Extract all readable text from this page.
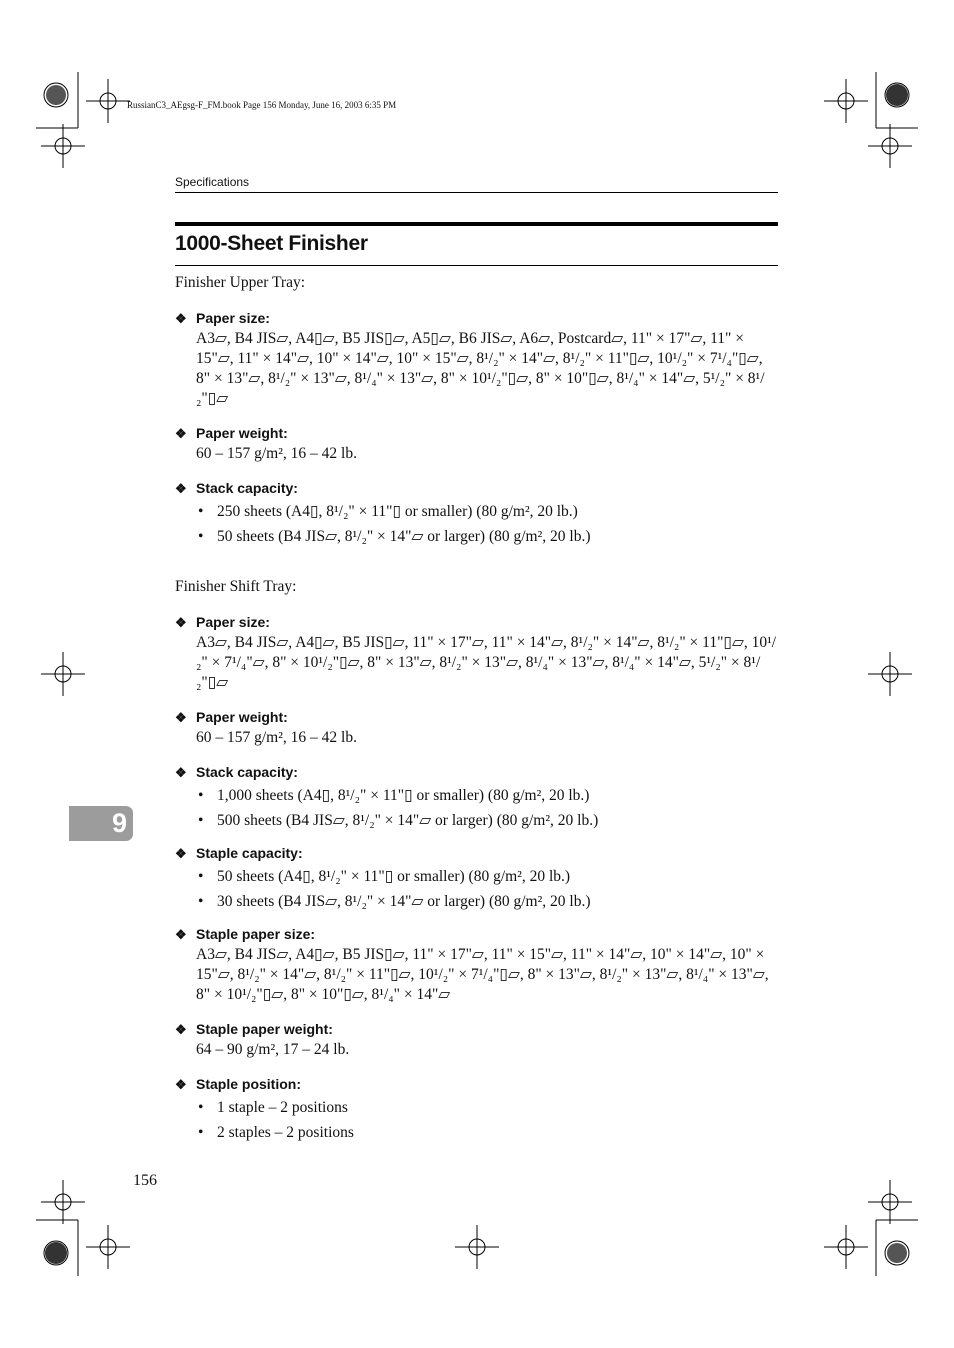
RussianC3_AEgsg-F_FM.book Page 156 Monday, June 16, 2003 6:35 PM
Specifications
1000-Sheet Finisher

Finisher Upper Tray:

❖ Paper size:

A3▱, B4 JIS▱, A4▯▱, B5 JIS▯▱, A5▯▱, B6 JIS▱, A6▱, Postcard▱, 11" × 17"▱, 11" × 15"▱, 11" × 14"▱, 10" × 14"▱, 10" × 15"▱, 8¹/₂" × 14"▱, 8¹/₂" × 11"▯▱, 10¹/₂" × 7¹/₄"▯▱, 8" × 13"▱, 8¹/₂" × 13"▱, 8¹/₄" × 13"▱, 8" × 10¹/₂"▯▱, 8" × 10"▯▱, 8¹/₄" × 14"▱, 5¹/₂" × 8¹/₂"▯▱

❖ Paper weight:

60 – 157 g/m², 16 – 42 lb.

❖ Stack capacity:

• 250 sheets (A4▯, 8¹/₂" × 11"▯ or smaller) (80 g/m², 20 lb.)
• 50 sheets (B4 JIS▱, 8¹/₂" × 14"▱ or larger) (80 g/m², 20 lb.)

Finisher Shift Tray:

❖ Paper size:

A3▱, B4 JIS▱, A4▯▱, B5 JIS▯▱, 11" × 17"▱, 11" × 14"▱, 8¹/₂" × 14"▱, 8¹/₂" × 11"▯▱, 10¹/₂" × 7¹/₄"▱, 8" × 10¹/₂"▯▱, 8" × 13"▱, 8¹/₂" × 13"▱, 8¹/₄" × 13"▱, 8¹/₄" × 14"▱, 5¹/₂" × 8¹/₂"▯▱

❖ Paper weight:

60 – 157 g/m², 16 – 42 lb.

❖ Stack capacity:

• 1,000 sheets (A4▯, 8¹/₂" × 11"▯ or smaller) (80 g/m², 20 lb.)
• 500 sheets (B4 JIS▱, 8¹/₂" × 14"▱ or larger) (80 g/m², 20 lb.)

❖ Staple capacity:

• 50 sheets (A4▯, 8¹/₂" × 11"▯ or smaller) (80 g/m², 20 lb.)
• 30 sheets (B4 JIS▱, 8¹/₂" × 14"▱ or larger) (80 g/m², 20 lb.)

❖ Staple paper size:

A3▱, B4 JIS▱, A4▯▱, B5 JIS▯▱, 11" × 17"▱, 11" × 15"▱, 11" × 14"▱, 10" × 14"▱, 10" × 15"▱, 8¹/₂" × 14"▱, 8¹/₂" × 11"▯▱, 10¹/₂" × 7¹/₄"▯▱, 8" × 13"▱, 8¹/₂" × 13"▱, 8¹/₄" × 13"▱, 8" × 10¹/₂"▯▱, 8" × 10"▯▱, 8¹/₄" × 14"▱

❖ Staple paper weight:

64 – 90 g/m², 17 – 24 lb.

❖ Staple position:

• 1 staple – 2 positions
• 2 staples – 2 positions
9
156
